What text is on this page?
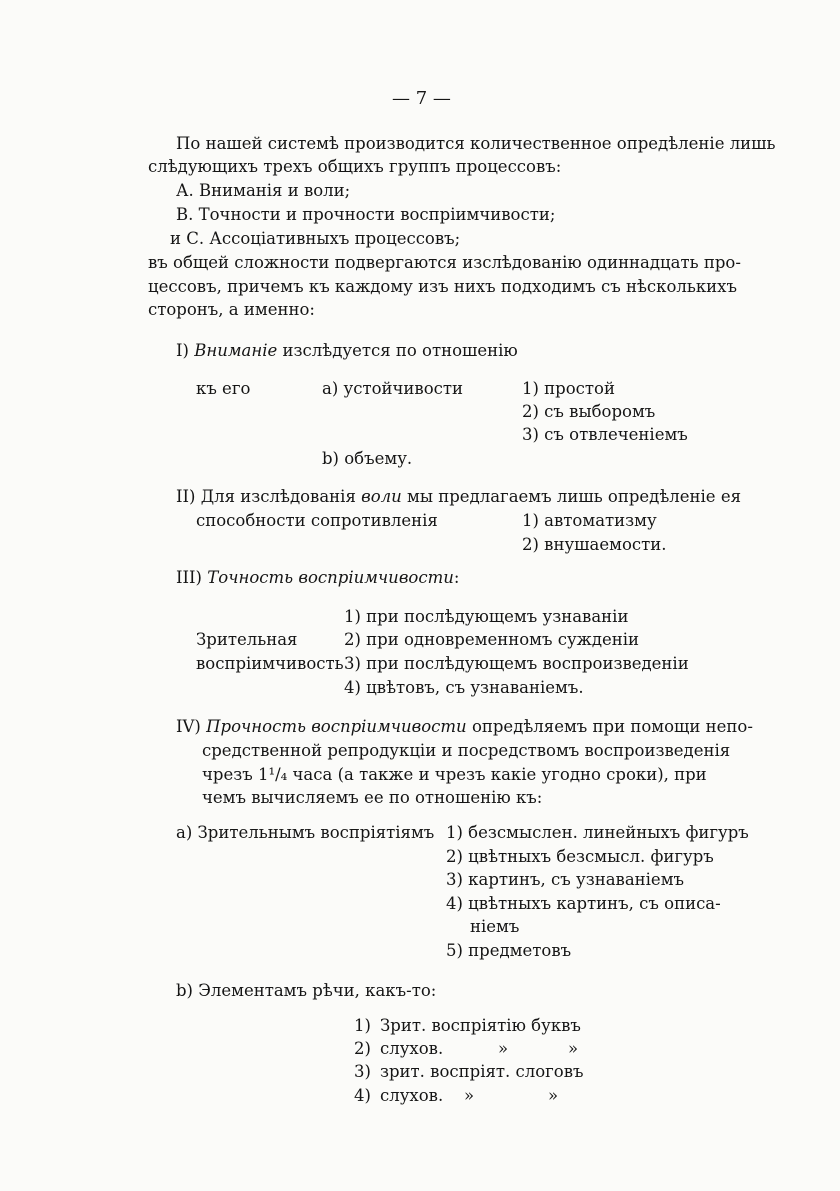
— 7 —
По нашей системѣ производится количественное опредѣленіе лишь
слѣдующихъ трехъ общихъ группъ процессовъ:
А. Вниманія и воли;
В. Точности и прочности воспріимчивости;
и С. Ассоціативныхъ процессовъ;
въ общей сложности подвергаются изслѣдованію одиннадцать про-
цессовъ, причемъ къ каждому изъ нихъ подходимъ съ нѣсколькихъ
сторонъ, а именно:
I) Вниманіе изслѣдуется по отношенію
къ его	a) устойчивости	1) простой
2) съ выборомъ
3) съ отвлеченіемъ
b) объему.
II) Для изслѣдованія воли мы предлагаемъ лишь опредѣленіе ея
способности сопротивленія	1) автоматизму
2) внушаемости.
III) Точность воспріимчивости:
1) при послѣдующемъ узнаваніи
Зрительная	2) при одновременномъ сужденіи
воспріимчивость 3) при послѣдующемъ воспроизведеніи
4) цвѣтовъ, съ узнаваніемъ.
IV) Прочность воспріимчивости опредѣляемъ при помощи непо-
средственной репродукціи и посредствомъ воспроизведенія
чрезъ 1¹/₄ часа (а также и чрезъ какіе угодно сроки), при
чемъ вычисляемъ ее по отношенію къ:
a) Зрительнымъ воспріятіямъ 1) безсмыслен. линейныхъ фигуръ
2) цвѣтныхъ безсмысл. фигуръ
3) картинъ, съ узнаваніемъ
4) цвѣтныхъ картинъ, съ описа-
ніемъ
5) предметовъ
b) Элементамъ рѣчи, какъ-то:
1) Зрит. воспріятію буквъ
2) слухов.	»	»
3) зрит. воспріят. слоговъ
4) слухов. »	»
